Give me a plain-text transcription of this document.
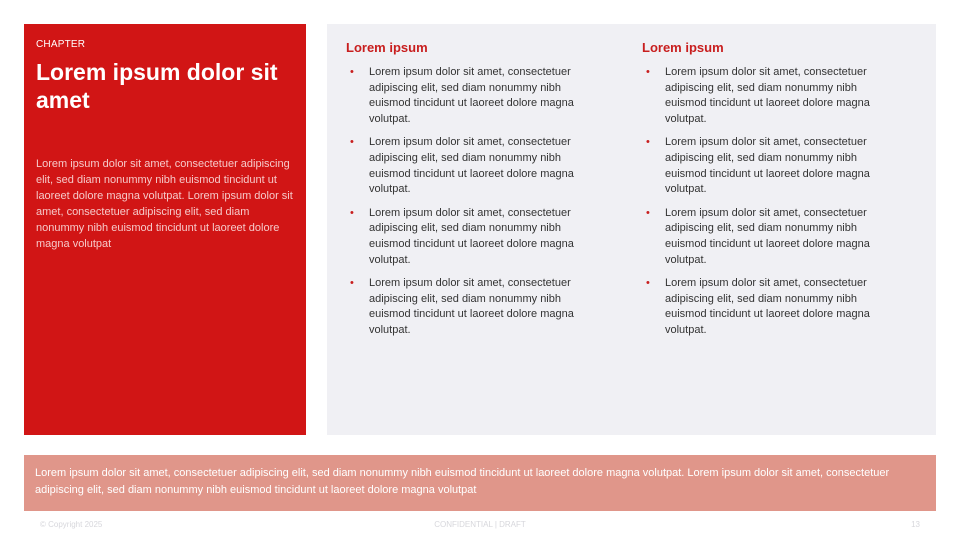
CHAPTER

Lorem ipsum dolor sit amet

Lorem ipsum dolor sit amet, consectetuer adipiscing elit, sed diam nonummy nibh euismod tincidunt ut laoreet dolore magna volutpat. Lorem ipsum dolor sit amet, consectetuer adipiscing elit, sed diam nonummy nibh euismod tincidunt ut laoreet dolore magna volutpat

Lorem ipsum
• Lorem ipsum dolor sit amet, consectetuer adipiscing elit, sed diam nonummy nibh euismod tincidunt ut laoreet dolore magna volutpat.
• Lorem ipsum dolor sit amet, consectetuer adipiscing elit, sed diam nonummy nibh euismod tincidunt ut laoreet dolore magna volutpat.
• Lorem ipsum dolor sit amet, consectetuer adipiscing elit, sed diam nonummy nibh euismod tincidunt ut laoreet dolore magna volutpat.
• Lorem ipsum dolor sit amet, consectetuer adipiscing elit, sed diam nonummy nibh euismod tincidunt ut laoreet dolore magna volutpat.
Lorem ipsum
• Lorem ipsum dolor sit amet, consectetuer adipiscing elit, sed diam nonummy nibh euismod tincidunt ut laoreet dolore magna volutpat.
• Lorem ipsum dolor sit amet, consectetuer adipiscing elit, sed diam nonummy nibh euismod tincidunt ut laoreet dolore magna volutpat.
• Lorem ipsum dolor sit amet, consectetuer adipiscing elit, sed diam nonummy nibh euismod tincidunt ut laoreet dolore magna volutpat.
• Lorem ipsum dolor sit amet, consectetuer adipiscing elit, sed diam nonummy nibh euismod tincidunt ut laoreet dolore magna volutpat.
Lorem ipsum dolor sit amet, consectetuer adipiscing elit, sed diam nonummy nibh euismod tincidunt ut laoreet dolore magna volutpat. Lorem ipsum dolor sit amet, consectetuer adipiscing elit, sed diam nonummy nibh euismod tincidunt ut laoreet dolore magna volutpat
© Copyright 2025	CONFIDENTIAL | DRAFT	13
